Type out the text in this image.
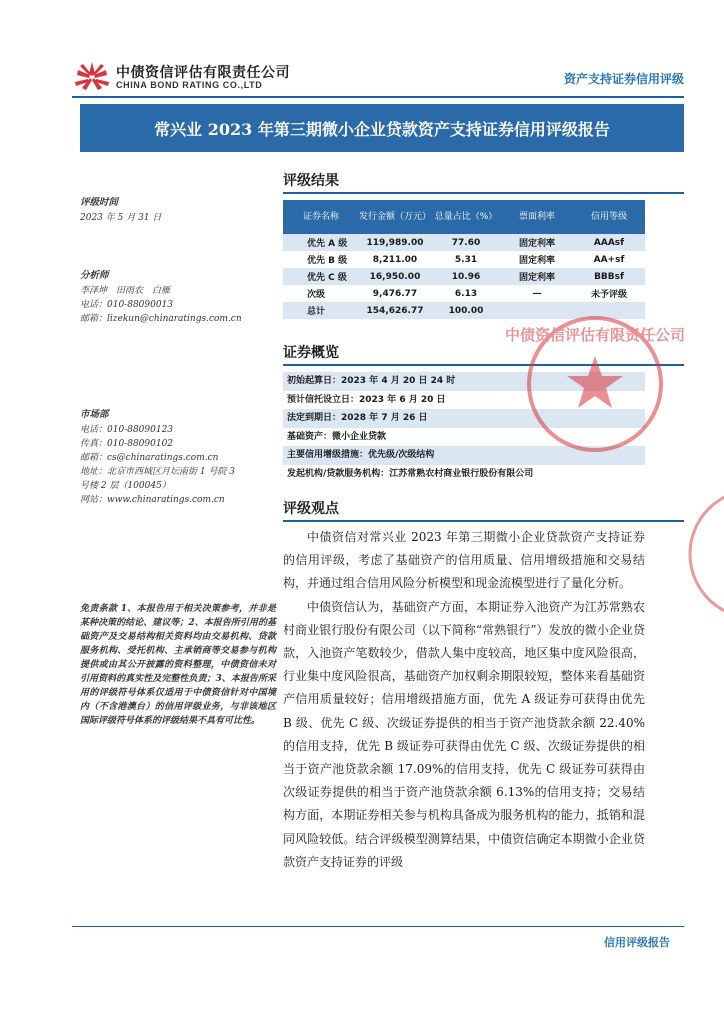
中债资信评估有限责任公司
CHINA BOND RATING CO.,LTD	资产支持证券信用评级
常兴业 2023 年第三期微小企业贷款资产支持证券信用评级报告
评级时间
2023 年 5 月 31 日
分析师
李泽坤　田雨农　白雁
电话：010-88090013
邮箱：lizekun@chinaratings.com.cn
市场部
电话：010-88090123
传真：010-88090102
邮箱：cs@chinaratings.com.cn
地址：北京市西城区月坛南街 1 号院 3
号楼 2 层（100045）
网站：www.chinaratings.com.cn
评级结果
证券名称	发行金额（万元）	总量占比（%）	票面利率	信用等级
优先 A 级	119,989.00	77.60	固定利率	AAAsf
优先 B 级	8,211.00	5.31	固定利率	AA+sf
优先 C 级	16,950.00	10.96	固定利率	BBBsf
次级	9,476.77	6.13	—	未予评级
总计	154,626.77	100.00		
证券概览
初始起算日：2023 年 4 月 20 日 24 时
预计信托设立日：2023 年 6 月 20 日
法定到期日：2028 年 7 月 26 日
基础资产：微小企业贷款
主要信用增级措施：优先级/次级结构
发起机构/贷款服务机构：江苏常熟农村商业银行股份有限公司
评级观点

中债资信对常兴业 2023 年第三期微小企业贷款资产支持证券的信用评级，考虑了基础资产的信用质量、信用增级措施和交易结构，并通过组合信用风险分析模型和现金流模型进行了量化分析。

中债资信认为，基础资产方面，本期证券入池资产为江苏常熟农村商业银行股份有限公司（以下简称“常熟银行”）发放的微小企业贷款，入池资产笔数较少，借款人集中度较高，地区集中度风险很高，行业集中度风险很高，基础资产加权剩余期限较短，整体来看基础资产信用质量较好；信用增级措施方面，优先 A 级证券可获得由优先 B 级、优先 C 级、次级证券提供的相当于资产池贷款余额 22.40%的信用支持，优先 B 级证券可获得由优先 C 级、次级证券提供的相当于资产池贷款余额 17.09%的信用支持，优先 C 级证券可获得由次级证券提供的相当于资产池贷款余额 6.13%的信用支持；交易结构方面，本期证券相关参与机构具备成为服务机构的能力，抵销和混同风险较低。结合评级模型测算结果，中债资信确定本期微小企业贷款资产支持证券的评级

免责条款 1、本报告用于相关决策参考，并非是某种决策的结论、建议等；2、本报告所引用的基础资产及交易结构相关资料均由交易机构、贷款服务机构、受托机构、主承销商等交易参与机构提供或由其公开披露的资料整理，中债资信未对引用资料的真实性及完整性负责；3、本报告所采用的评级符号体系仅适用于中债资信针对中国境内（不含港澳台）的信用评级业务，与非该地区国际评级符号体系的评级结果不具有可比性。
中债资信评估有限责任公司
信用评级报告
